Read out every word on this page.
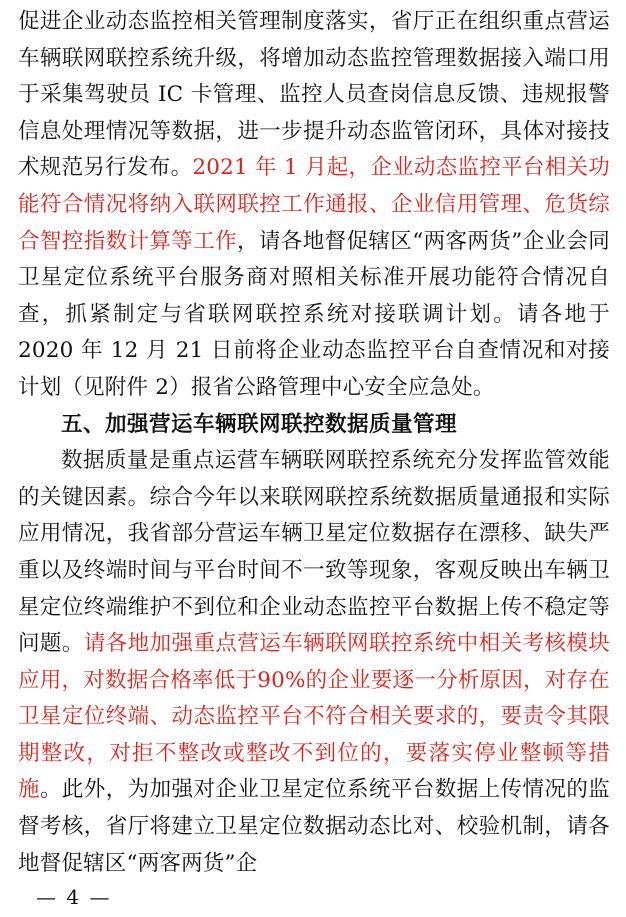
促进企业动态监控相关管理制度落实，省厅正在组织重点营运车辆联网联控系统升级，将增加动态监控管理数据接入端口用于采集驾驶员 IC 卡管理、监控人员查岗信息反馈、违规报警信息处理情况等数据，进一步提升动态监管闭环，具体对接技术规范另行发布。2021 年 1 月起，企业动态监控平台相关功能符合情况将纳入联网联控工作通报、企业信用管理、危货综合智控指数计算等工作，请各地督促辖区“两客两货”企业会同卫星定位系统平台服务商对照相关标准开展功能符合情况自查，抓紧制定与省联网联控系统对接联调计划。请各地于 2020 年 12 月 21 日前将企业动态监控平台自查情况和对接计划（见附件 2）报省公路管理中心安全应急处。

五、加强营运车辆联网联控数据质量管理

数据质量是重点运营车辆联网联控系统充分发挥监管效能的关键因素。综合今年以来联网联控系统数据质量通报和实际应用情况，我省部分营运车辆卫星定位数据存在漂移、缺失严重以及终端时间与平台时间不一致等现象，客观反映出车辆卫星定位终端维护不到位和企业动态监控平台数据上传不稳定等问题。请各地加强重点营运车辆联网联控系统中相关考核模块应用，对数据合格率低于90%的企业要逐一分析原因，对存在卫星定位终端、动态监控平台不符合相关要求的，要责令其限期整改，对拒不整改或整改不到位的，要落实停业整顿等措施。此外，为加强对企业卫星定位系统平台数据上传情况的监督考核，省厅将建立卫星定位数据动态比对、校验机制，请各地督促辖区“两客两货”企

— 4 —
